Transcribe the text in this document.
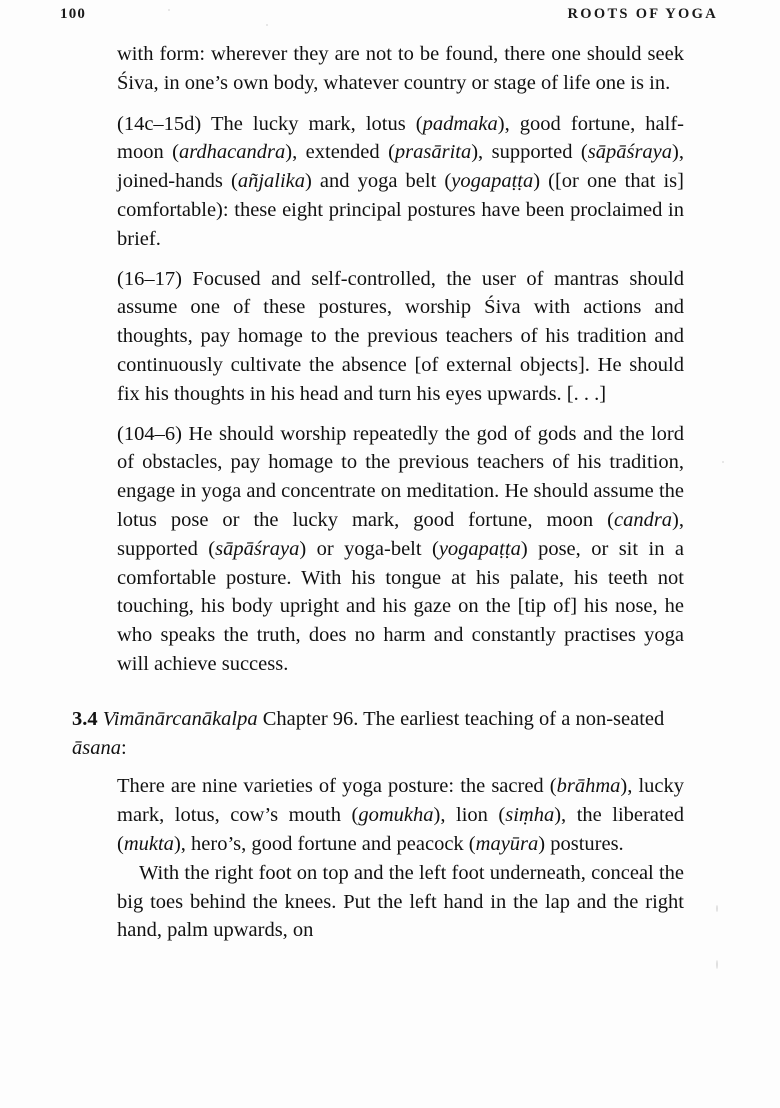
100	ROOTS OF YOGA

with form: wherever they are not to be found, there one should seek Śiva, in one’s own body, whatever country or stage of life one is in.

(14c–15d) The lucky mark, lotus (padmaka), good fortune, half-moon (ardhacandra), extended (prasārita), supported (sāpāśraya), joined-hands (añjalika) and yoga belt (yogapaṭṭa) ([or one that is] comfortable): these eight principal postures have been proclaimed in brief.

(16–17) Focused and self-controlled, the user of mantras should assume one of these postures, worship Śiva with actions and thoughts, pay homage to the previous teachers of his tradition and continuously cultivate the absence [of external objects]. He should fix his thoughts in his head and turn his eyes upwards. [. . .]

(104–6) He should worship repeatedly the god of gods and the lord of obstacles, pay homage to the previous teachers of his tradition, engage in yoga and concentrate on meditation. He should assume the lotus pose or the lucky mark, good fortune, moon (candra), supported (sāpāśraya) or yoga-belt (yogapaṭṭa) pose, or sit in a comfortable posture. With his tongue at his palate, his teeth not touching, his body upright and his gaze on the [tip of] his nose, he who speaks the truth, does no harm and constantly practises yoga will achieve success.

3.4 Vimānārcanākalpa Chapter 96. The earliest teaching of a non-seated āsana:

There are nine varieties of yoga posture: the sacred (brāhma), lucky mark, lotus, cow’s mouth (gomukha), lion (siṃha), the liberated (mukta), hero’s, good fortune and peacock (mayūra) postures.

With the right foot on top and the left foot underneath, conceal the big toes behind the knees. Put the left hand in the lap and the right hand, palm upwards, on
